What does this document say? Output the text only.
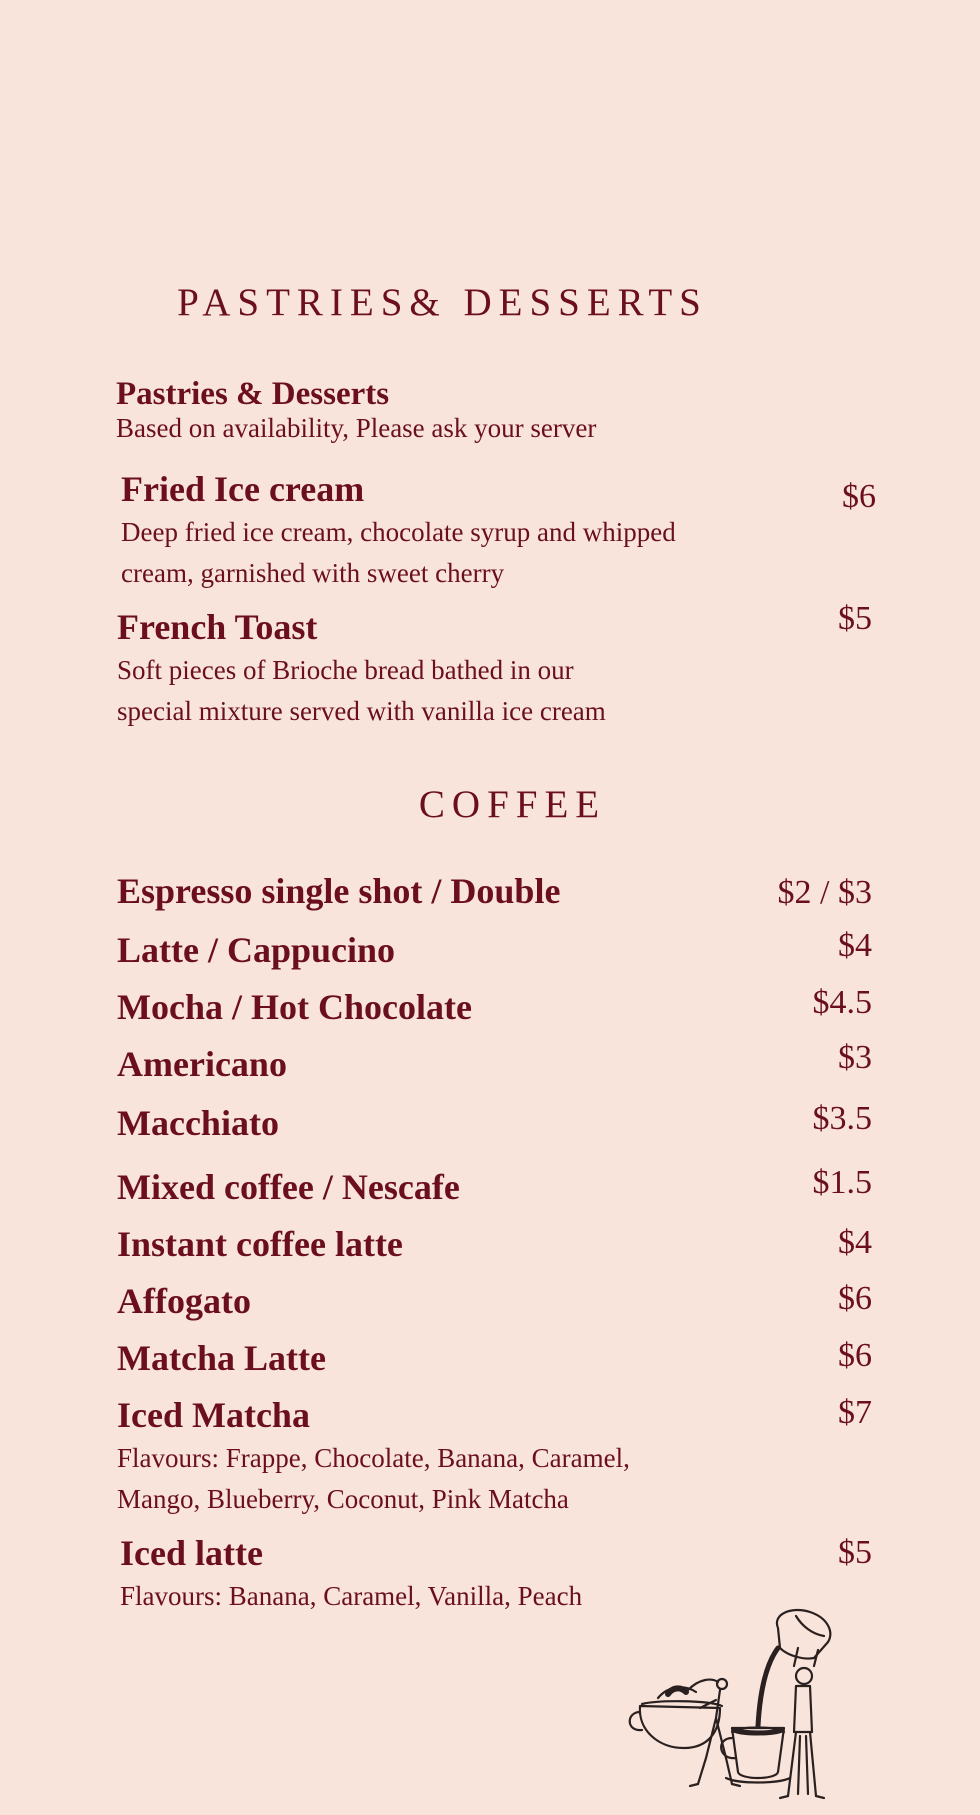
PASTRIES& DESSERTS
Pastries & Desserts
Based on availability, Please ask your server
Fried Ice cream	$6
Deep fried ice cream, chocolate syrup and whipped
cream, garnished with sweet cherry
French Toast	$5
Soft pieces of Brioche bread bathed in our
special mixture served with vanilla ice cream
COFFEE
Espresso single shot / Double	$2 / $3
Latte / Cappucino	$4
Mocha / Hot Chocolate	$4.5
Americano	$3
Macchiato	$3.5
Mixed coffee / Nescafe	$1.5
Instant coffee latte	$4
Affogato	$6
Matcha Latte	$6
Iced Matcha	$7
Flavours: Frappe, Chocolate, Banana, Caramel,
Mango, Blueberry, Coconut, Pink Matcha
Iced latte	$5
Flavours: Banana, Caramel, Vanilla, Peach
